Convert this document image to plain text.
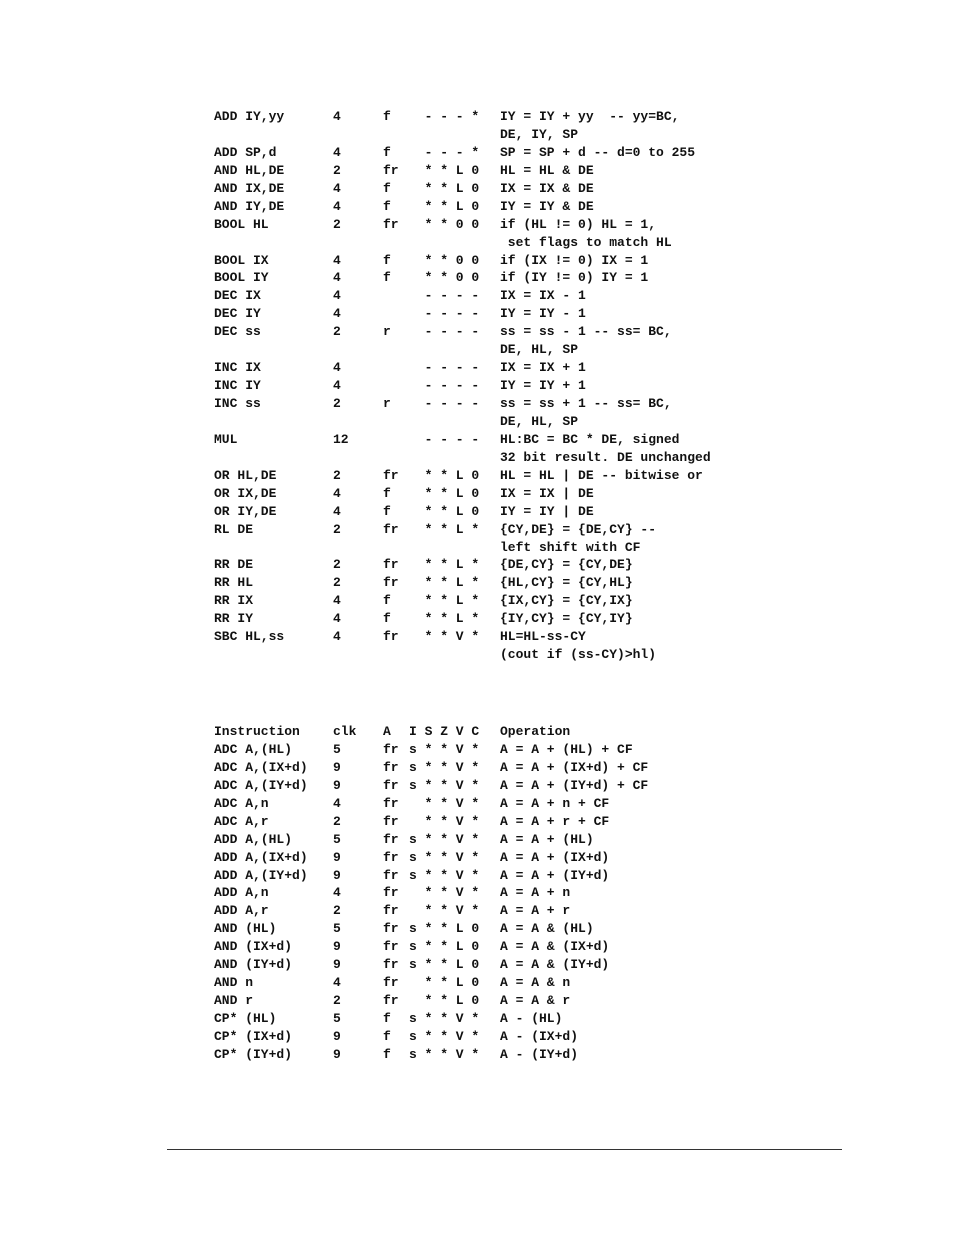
ADD IY,yy	4	f - - - * IY = IY + yy  -- yy=BC,
DE, IY, SP
ADD SP,d	4	f - - - * SP = SP + d -- d=0 to 255
AND HL,DE	2	fr * * L 0 HL = HL & DE
AND IX,DE	4	f * * L 0 IX = IX & DE
AND IY,DE	4	f * * L 0 IY = IY & DE
BOOL HL	2	fr * * 0 0 if (HL != 0) HL = 1,
set flags to match HL
BOOL IX	4	f * * 0 0 if (IX != 0) IX = 1
BOOL IY	4	f * * 0 0 if (IY != 0) IY = 1
DEC IX	4	- - - - IX = IX - 1
DEC IY	4	- - - - IY = IY - 1
DEC ss	2	r - - - - ss = ss - 1 -- ss= BC,
DE, HL, SP
INC IX	4	- - - - IX = IX + 1
INC IY	4	- - - - IY = IY + 1
INC ss	2	r - - - - ss = ss + 1 -- ss= BC,
DE, HL, SP
MUL	12	- - - - HL:BC = BC * DE, signed
32 bit result. DE unchanged
OR HL,DE	2	fr * * L 0 HL = HL | DE -- bitwise or
OR IX,DE	4	f * * L 0 IX = IX | DE
OR IY,DE	4	f * * L 0 IY = IY | DE
RL DE	2	fr * * L * {CY,DE} = {DE,CY} --
left shift with CF
RR DE	2	fr * * L * {DE,CY} = {CY,DE}
RR HL	2	fr * * L * {HL,CY} = {CY,HL}
RR IX	4	f * * L * {IX,CY} = {CY,IX}
RR IY	4	f * * L * {IY,CY} = {CY,IY}
SBC HL,ss	4	fr * * V * HL=HL-ss-CY
(cout if (ss-CY)>hl)
Instruction	clk A I S Z V C Operation
ADC A,(HL)	5	fr s * * V * A = A + (HL) + CF
ADC A,(IX+d) 9	fr s * * V * A = A + (IX+d) + CF
ADC A,(IY+d) 9	fr s * * V * A = A + (IY+d) + CF
ADC A,n	4	fr * * V * A = A + n + CF
ADC A,r	2	fr * * V * A = A + r + CF
ADD A,(HL)	5	fr s * * V * A = A + (HL)
ADD A,(IX+d) 9	fr s * * V * A = A + (IX+d)
ADD A,(IY+d) 9	fr s * * V * A = A + (IY+d)
ADD A,n	4	fr * * V * A = A + n
ADD A,r	2	fr * * V * A = A + r
AND (HL)	5	fr s * * L 0 A = A & (HL)
AND (IX+d)	9	fr s * * L 0 A = A & (IX+d)
AND (IY+d)	9	fr s * * L 0 A = A & (IY+d)
AND n	4	fr * * L 0 A = A & n
AND r	2	fr * * L 0 A = A & r
CP* (HL)	5	f s * * V * A - (HL)
CP* (IX+d)	9	f s * * V * A - (IX+d)
CP* (IY+d)	9	f s * * V * A - (IY+d)
